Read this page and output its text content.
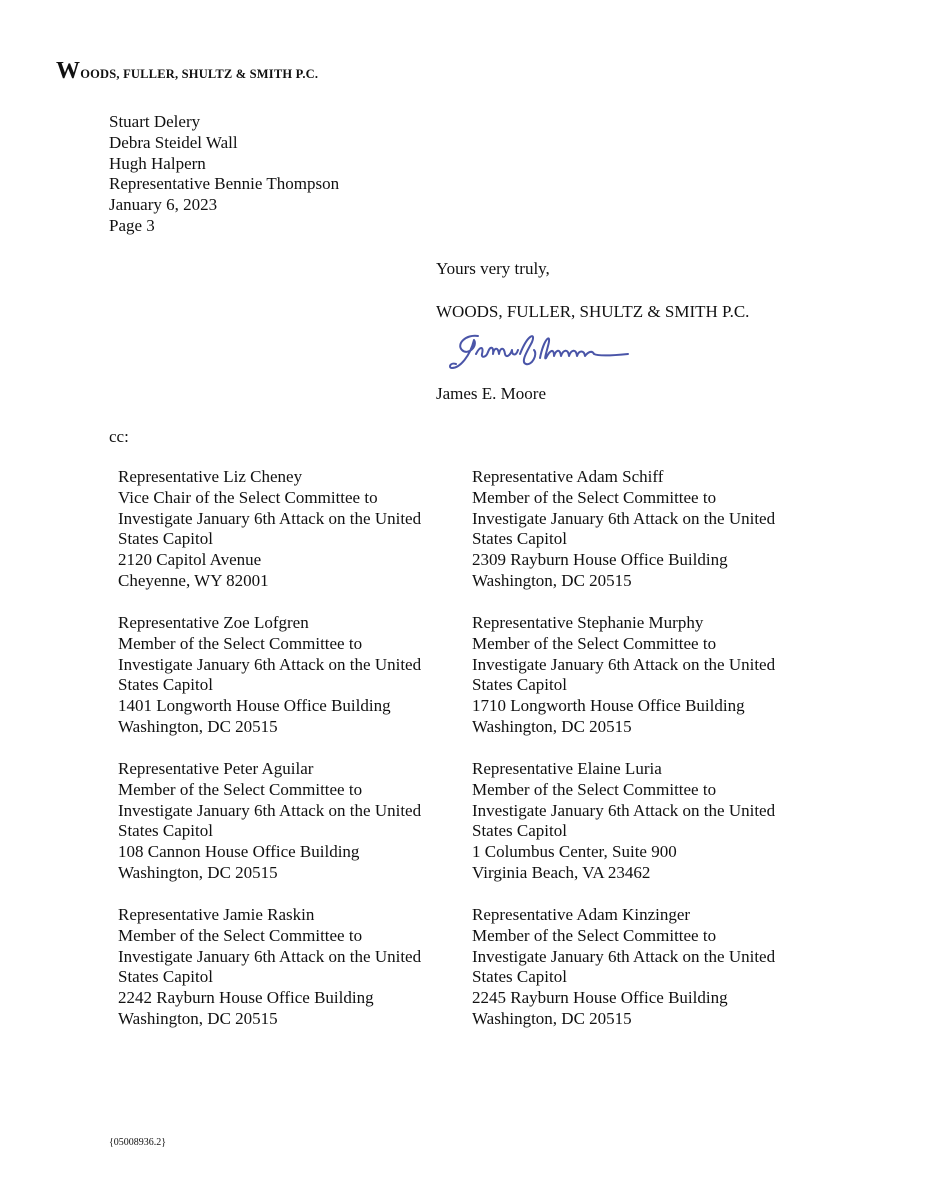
WOODS, FULLER, SHULTZ & SMITH P.C.
Stuart Delery
Debra Steidel Wall
Hugh Halpern
Representative Bennie Thompson
January 6, 2023
Page 3
Yours very truly,
WOODS, FULLER, SHULTZ & SMITH P.C.
James E. Moore
cc:
Representative Liz Cheney
Vice Chair of the Select Committee to
Investigate January 6th Attack on the United
States Capitol
2120 Capitol Avenue
Cheyenne, WY 82001
Representative Adam Schiff
Member of the Select Committee to
Investigate January 6th Attack on the United
States Capitol
2309 Rayburn House Office Building
Washington, DC 20515
Representative Zoe Lofgren
Member of the Select Committee to
Investigate January 6th Attack on the United
States Capitol
1401 Longworth House Office Building
Washington, DC 20515
Representative Stephanie Murphy
Member of the Select Committee to
Investigate January 6th Attack on the United
States Capitol
1710 Longworth House Office Building
Washington, DC 20515
Representative Peter Aguilar
Member of the Select Committee to
Investigate January 6th Attack on the United
States Capitol
108 Cannon House Office Building
Washington, DC 20515
Representative Elaine Luria
Member of the Select Committee to
Investigate January 6th Attack on the United
States Capitol
1 Columbus Center, Suite 900
Virginia Beach, VA 23462
Representative Jamie Raskin
Member of the Select Committee to
Investigate January 6th Attack on the United
States Capitol
2242 Rayburn House Office Building
Washington, DC 20515
Representative Adam Kinzinger
Member of the Select Committee to
Investigate January 6th Attack on the United
States Capitol
2245 Rayburn House Office Building
Washington, DC 20515
{05008936.2}
